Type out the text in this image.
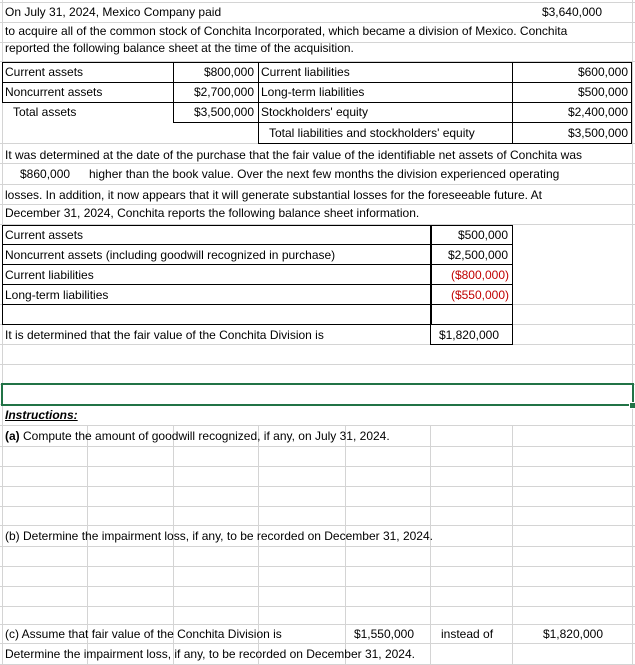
On July 31, 2024, Mexico Company paid	$3,640,000
to acquire all of the common stock of Conchita Incorporated, which became a division of Mexico. Conchita
reported the following balance sheet at the time of the acquisition.
Current assets	$800,000 Current liabilities	$600,000
Noncurrent assets	$2,700,000 Long-term liabilities	$500,000
Total assets	$3,500,000 Stockholders' equity	$2,400,000
Total liabilities and stockholders' equity	$3,500,000
It was determined at the date of the purchase that the fair value of the identifiable net assets of Conchita was
$860,000 higher than the book value. Over the next few months the division experienced operating
losses. In addition, it now appears that it will generate substantial losses for the foreseeable future. At
December 31, 2024, Conchita reports the following balance sheet information.
Current assets	$500,000
Noncurrent assets (including goodwill recognized in purchase)	$2,500,000
Current liabilities	($800,000)
Long-term liabilities	($550,000)
It is determined that the fair value of the Conchita Division is	$1,820,000
Instructions:
(a) Compute the amount of goodwill recognized, if any, on July 31, 2024.
(b) Determine the impairment loss, if any, to be recorded on December 31, 2024.
(c) Assume that fair value of the Conchita Division is	$1,550,000 instead of	$1,820,000
Determine the impairment loss, if any, to be recorded on December 31, 2024.
